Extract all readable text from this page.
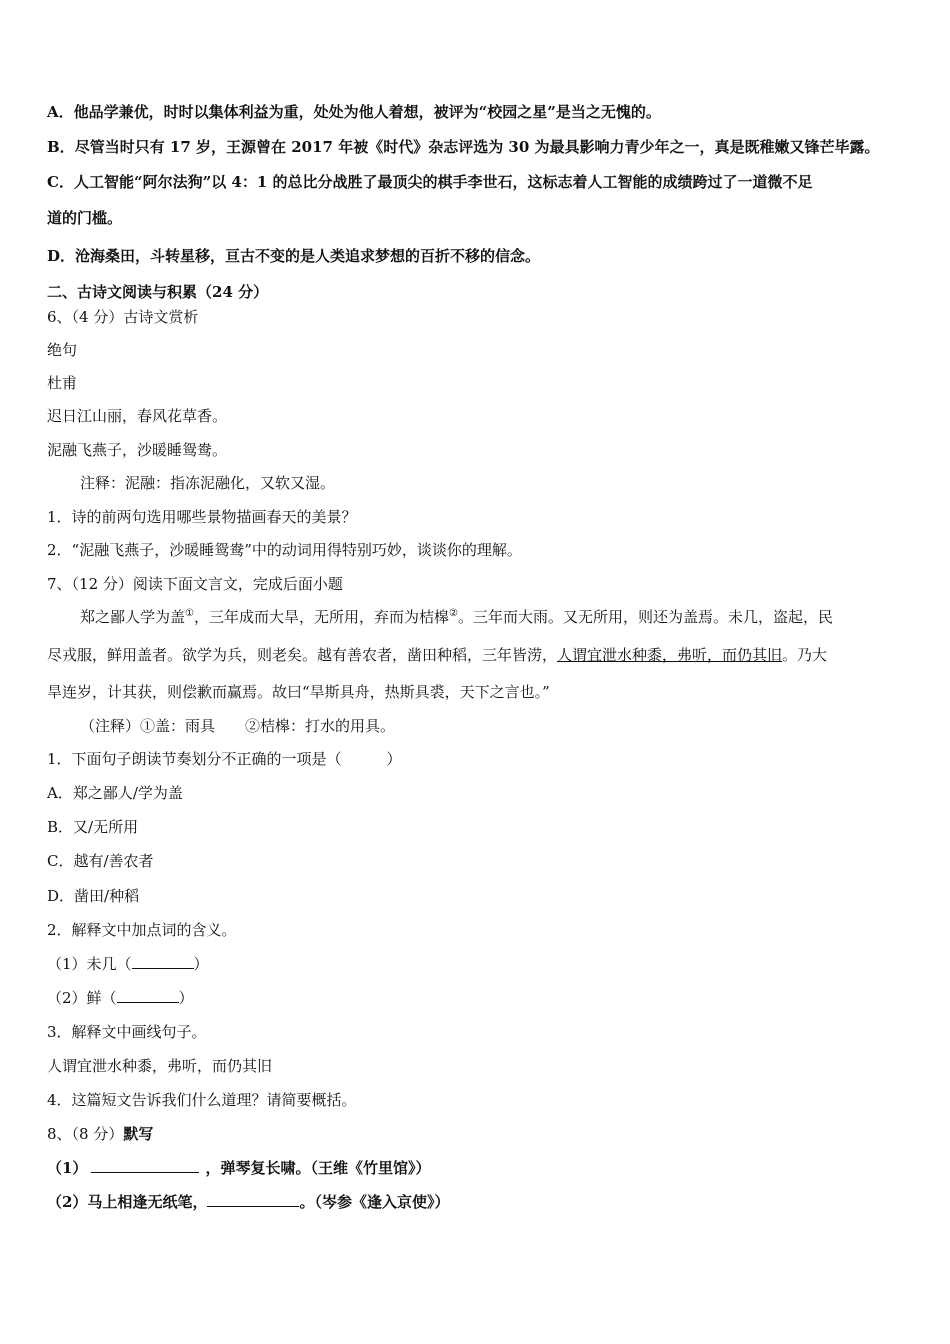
A．他品学兼优，时时以集体利益为重，处处为他人着想，被评为“校园之星”是当之无愧的。
B．尽管当时只有 17 岁，王源曾在 2017 年被《时代》杂志评选为 30 为最具影响力青少年之一，真是既稚嫩又锋芒毕露。
C．人工智能“阿尔法狗”以 4：1 的总比分战胜了最顶尖的棋手李世石，这标志着人工智能的成绩跨过了一道微不足
道的门槛。
D．沧海桑田，斗转星移，亘古不变的是人类追求梦想的百折不移的信念。
二、古诗文阅读与积累（24 分）
6、（4 分）古诗文赏析
绝句
杜甫
迟日江山丽，春风花草香。
泥融飞燕子，沙暖睡鸳鸯。
注释：泥融：指冻泥融化，又软又湿。
1．诗的前两句选用哪些景物描画春天的美景？
2．“泥融飞燕子，沙暖睡鸳鸯”中的动词用得特别巧妙，谈谈你的理解。
7、（12 分）阅读下面文言文，完成后面小题
郑之鄙人学为盖①，三年成而大旱，无所用，弃而为桔槔②。三年而大雨。又无所用，则还为盖焉。未几，盗起，民
尽戎服，鲜用盖者。欲学为兵，则老矣。越有善农者，凿田种稻，三年皆涝，人谓宜泄水种黍，弗听，而仍其旧。乃大
旱连岁，计其获，则偿歉而赢焉。故曰“旱斯具舟，热斯具裘，天下之言也。”
（注释）①盖：雨具　　②桔槔：打水的用具。
1．下面句子朗读节奏划分不正确的一项是（　　　）
A．郑之鄙人/学为盖
B．又/无所用
C．越有/善农者
D．凿田/种稻
2．解释文中加点词的含义。
（1）未几（	）
（2）鲜（	）
3．解释文中画线句子。
人谓宜泄水种黍，弗听，而仍其旧
4．这篇短文告诉我们什么道理？请简要概括。
8、（8 分）默写
（1）	，弹琴复长啸。（王维《竹里馆》）
（2）马上相逢无纸笔，	。（岑参《逢入京使》）
